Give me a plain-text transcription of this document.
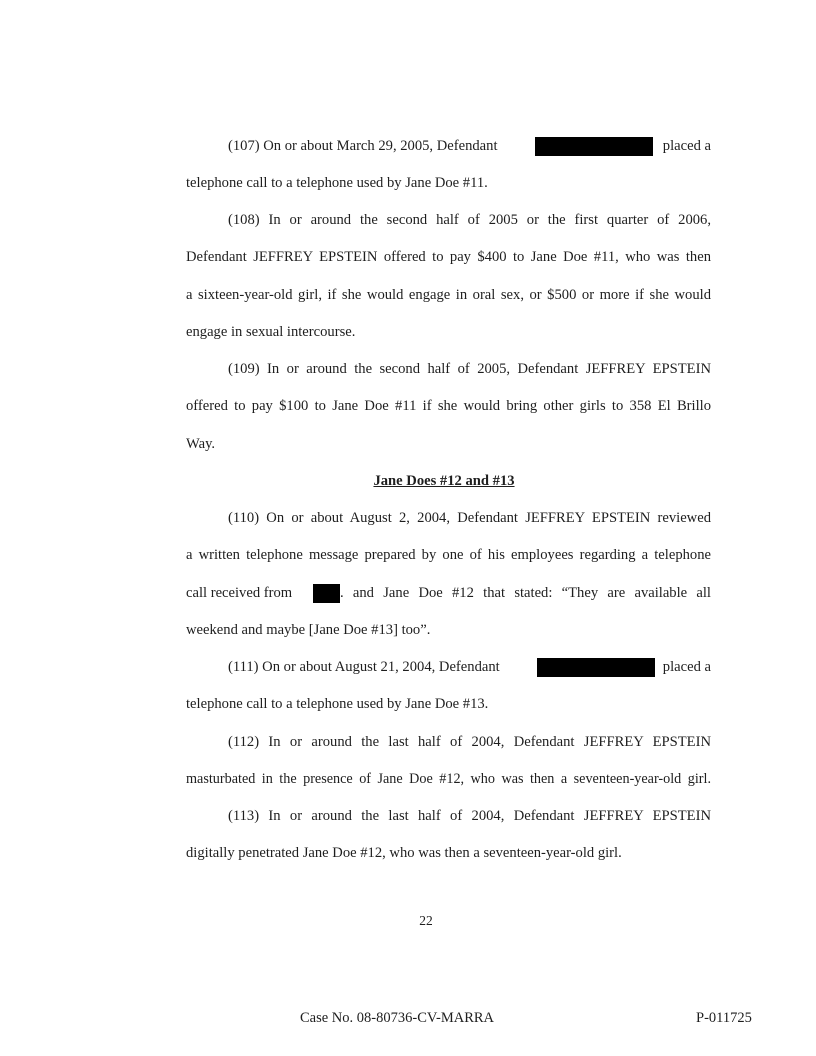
(107) On or about March 29, 2005, Defendant	placed a
telephone call to a telephone used by Jane Doe #11.
(108) In or around the second half of 2005 or the first quarter of 2006,
Defendant JEFFREY EPSTEIN offered to pay $400 to Jane Doe #11, who was then
a sixteen-year-old girl, if she would engage in oral sex, or $500 or more if she would
engage in sexual intercourse.
(109) In or around the second half of 2005, Defendant JEFFREY EPSTEIN
offered to pay $100 to Jane Doe #11 if she would bring other girls to 358 El Brillo
Way.
Jane Does #12 and #13
(110) On or about August 2, 2004, Defendant JEFFREY EPSTEIN reviewed
a written telephone message prepared by one of his employees regarding a telephone
call received from	. and Jane Doe #12 that stated: “They are available all
weekend and maybe [Jane Doe #13] too”.
(111) On or about August 21, 2004, Defendant	placed a
telephone call to a telephone used by Jane Doe #13.
(112) In or around the last half of 2004, Defendant JEFFREY EPSTEIN
masturbated in the presence of Jane Doe #12, who was then a seventeen-year-old girl.
(113) In or around the last half of 2004, Defendant JEFFREY EPSTEIN
digitally penetrated Jane Doe #12, who was then a seventeen-year-old girl.
22
Case No. 08-80736-CV-MARRA	P-011725
